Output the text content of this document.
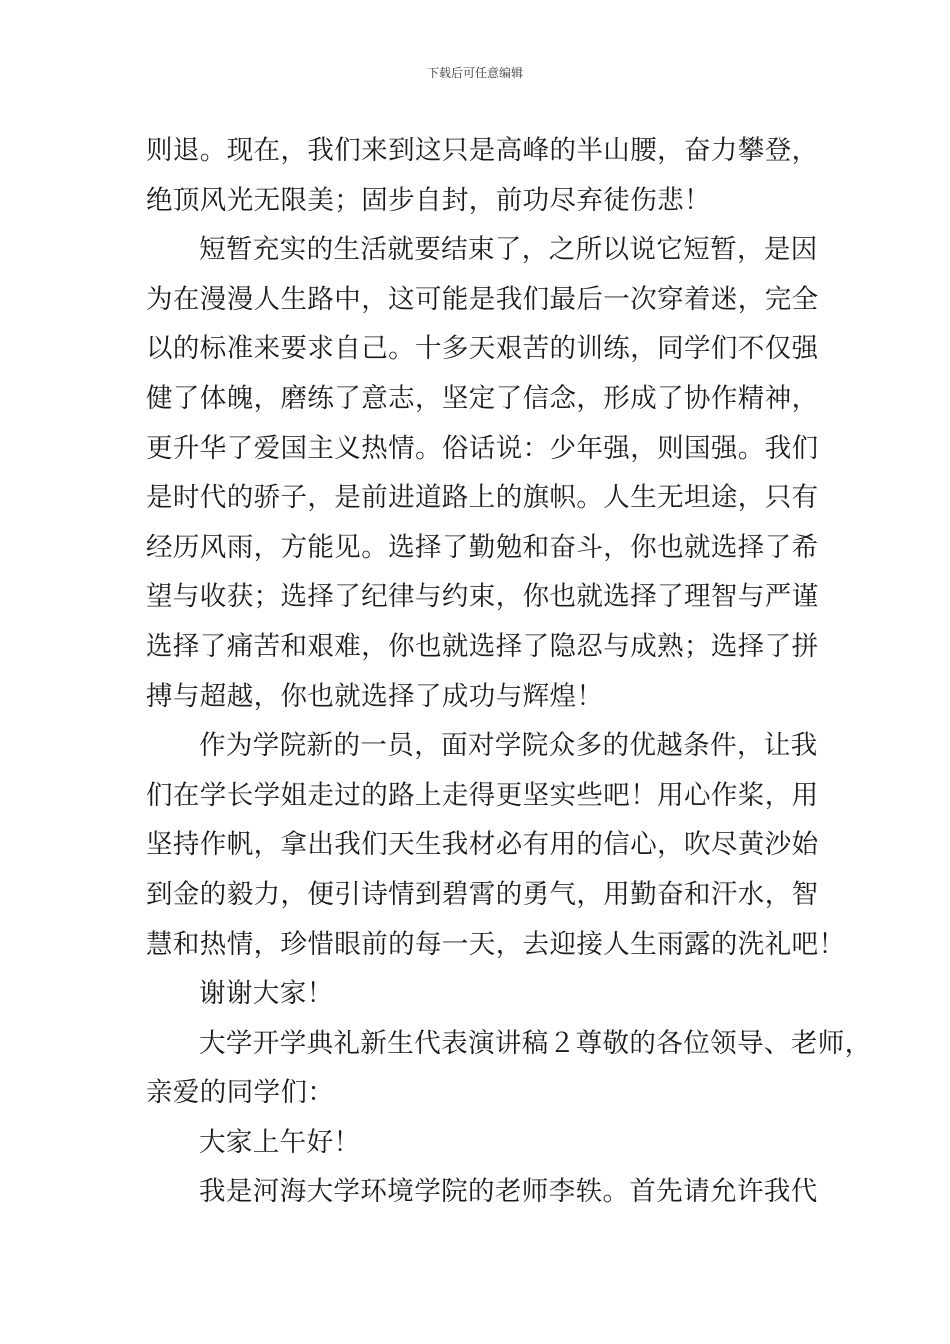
下载后可任意编辑
则退。现在，我们来到这只是高峰的半山腰，奋力攀登，
绝顶风光无限美；固步自封，前功尽弃徒伤悲！
短暂充实的生活就要结束了，之所以说它短暂，是因
为在漫漫人生路中，这可能是我们最后一次穿着迷，完全
以的标准来要求自己。十多天艰苦的训练，同学们不仅强
健了体魄，磨练了意志，坚定了信念，形成了协作精神，
更升华了爱国主义热情。俗话说：少年强，则国强。我们
是时代的骄子，是前进道路上的旗帜。人生无坦途，只有
经历风雨，方能见。选择了勤勉和奋斗，你也就选择了希
望与收获；选择了纪律与约束，你也就选择了理智与严谨
选择了痛苦和艰难，你也就选择了隐忍与成熟；选择了拼
搏与超越，你也就选择了成功与辉煌！
作为学院新的一员，面对学院众多的优越条件，让我
们在学长学姐走过的路上走得更坚实些吧！用心作桨，用
坚持作帆，拿出我们天生我材必有用的信心，吹尽黄沙始
到金的毅力，便引诗情到碧霄的勇气，用勤奋和汗水，智
慧和热情，珍惜眼前的每一天，去迎接人生雨露的洗礼吧！
谢谢大家！
大学开学典礼新生代表演讲稿２尊敬的各位领导、老师，
亲爱的同学们：
大家上午好！
我是河海大学环境学院的老师李轶。首先请允许我代
